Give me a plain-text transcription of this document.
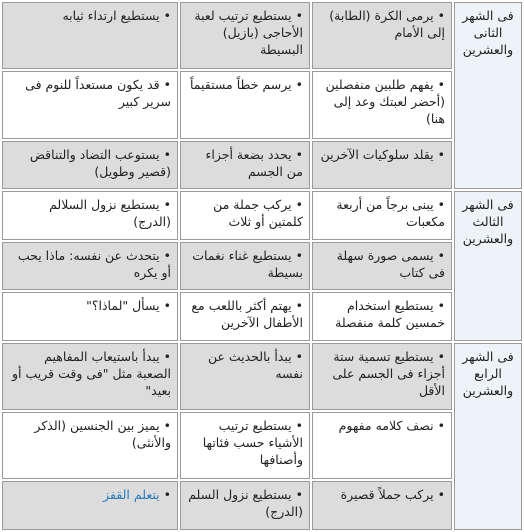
فى الشهر الثانى والعشرين	•يرمى الكرة (الطابة) إلى الأمام	•يستطيع ترتيب لعبة الأحاجى (بازيل) البسيطة	•يستطيع ارتداء ثيابه
	•يفهم طلبين منفصلين (أحضر لعبتك وعد إلى هنا)	•يرسم خطاً مستقيماً	•قد يكون مستعداً للنوم فى سرير كبير
	•يقلد سلوكيات الآخرين	•يحدد بضعة أجزاء من الجسم	•يستوعب التضاد والتناقض (قصير وطويل)
فى الشهر الثالث والعشرين	•يبنى برجاً من أربعة مكعبات	•يركب جملة من كلمتين أو ثلاث	•يستطيع نزول السلالم (الدرج)
	•يسمى صورة سهلة فى كتاب	•يستطيع غناء نغمات بسيطة	•يتحدث عن نفسه: ماذا يحب أو يكره
	•يستطيع استخدام خمسين كلمة منفصلة	•يهتم أكثر باللعب مع الأطفال الآخرين	•يسأل "لماذا؟"
فى الشهر الرابع والعشرين	•يستطيع تسمية ستة أجزاء فى الجسم على الأقل	•يبدأ بالحديث عن نفسه	•يبدأ باستيعاب المفاهيم الصعبة مثل "فى وقت قريب أو بعيد"
	•نصف كلامه مفهوم	•يستطيع ترتيب الأشياء حسب فئاتها وأصنافها	•يميز بين الجنسين (الذكر والأنثى)
	•يركب جملاً قصيرة	•يستطيع نزول السلم (الدرج)	•يتعلم القفز
